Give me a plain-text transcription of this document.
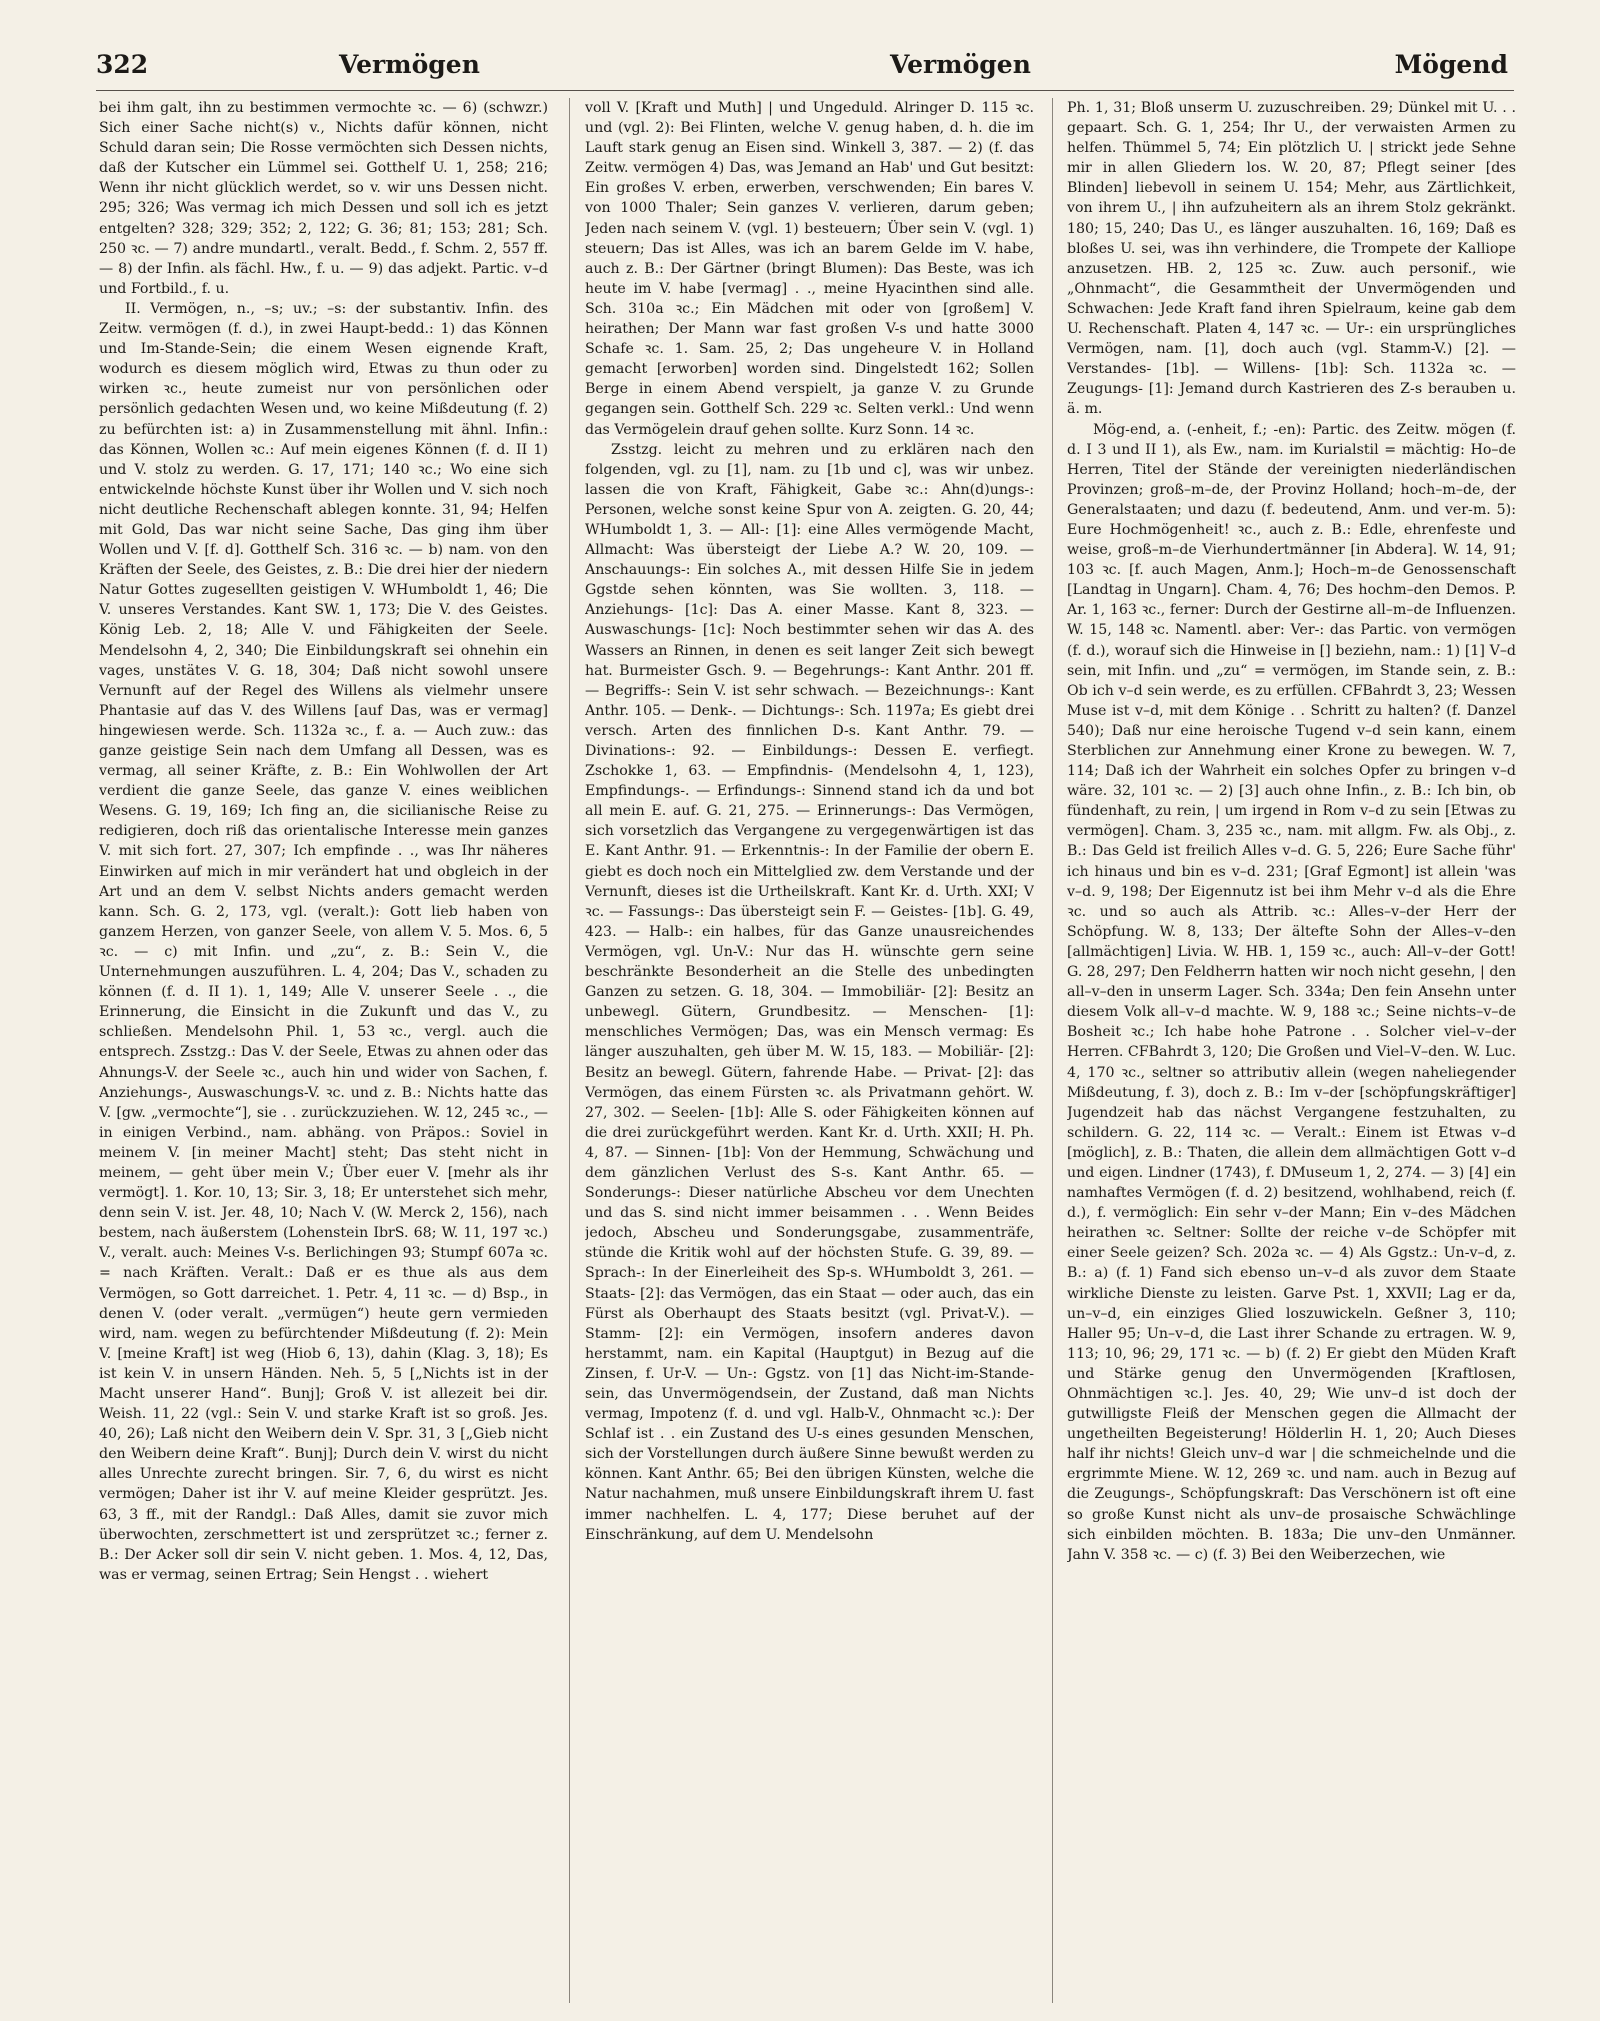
322	Vermögen	Vermögen	Mögend

bei ihm galt, ihn zu bestimmen vermochte ꝛc. — 6) (schwzr.) Sich einer Sache nicht(s) v., Nichts dafür können, nicht Schuld daran sein; Die Rosse vermöchten sich Dessen nichts, daß der Kutscher ein Lümmel sei. Gotthelf U. 1, 258; 216; Wenn ihr nicht glücklich werdet, so v. wir uns Dessen nicht. 295; 326; Was vermag ich mich Dessen und soll ich es jetzt entgelten? 328; 329; 352; 2, 122; G. 36; 81; 153; 281; Sch. 250 ꝛc. — 7) andre mundartl., veralt. Bedd., f. Schm. 2, 557 ff. — 8) der Infin. als fächl. Hw., f. u. — 9) das adjekt. Partic. v–d und Fortbild., f. u.

II. Vermögen, n., –s; uv.; –s: der substantiv. Infin. des Zeitw. vermögen (f. d.), in zwei Haupt-bedd.: 1) das Können und Im-Stande-Sein; die einem Wesen eignende Kraft, wodurch es diesem möglich wird, Etwas zu thun oder zu wirken ꝛc., heute zumeist nur von persönlichen oder persönlich gedachten Wesen und, wo keine Mißdeutung (f. 2) zu befürchten ist: a) in Zusammenstellung mit ähnl. Infin.: das Können, Wollen ꝛc.: Auf mein eigenes Können (f. d. II 1) und V. stolz zu werden. G. 17, 171; 140 ꝛc.; Wo eine sich entwickelnde höchste Kunst über ihr Wollen und V. sich noch nicht deutliche Rechenschaft ablegen konnte. 31, 94; Helfen mit Gold, Das war nicht seine Sache, Das ging ihm über Wollen und V. [f. d]. Gotthelf Sch. 316 ꝛc. — b) nam. von den Kräften der Seele, des Geistes, z. B.: Die drei hier der niedern Natur Gottes zugesellten geistigen V. WHumboldt 1, 46; Die V. unseres Verstandes. Kant SW. 1, 173; Die V. des Geistes. König Leb. 2, 18; Alle V. und Fähigkeiten der Seele. Mendelsohn 4, 2, 340; Die Einbildungskraft sei ohnehin ein vages, unstätes V. G. 18, 304; Daß nicht sowohl unsere Vernunft auf der Regel des Willens als vielmehr unsere Phantasie auf das V. des Willens [auf Das, was er vermag] hingewiesen werde. Sch. 1132a ꝛc., f. a. — Auch zuw.: das ganze geistige Sein nach dem Umfang all Dessen, was es vermag, all seiner Kräfte, z. B.: Ein Wohlwollen der Art verdient die ganze Seele, das ganze V. eines weiblichen Wesens. G. 19, 169; Ich fing an, die sicilianische Reise zu redigieren, doch riß das orientalische Interesse mein ganzes V. mit sich fort. 27, 307; Ich empfinde . ., was Ihr näheres Einwirken auf mich in mir verändert hat und obgleich in der Art und an dem V. selbst Nichts anders gemacht werden kann. Sch. G. 2, 173, vgl. (veralt.): Gott lieb haben von ganzem Herzen, von ganzer Seele, von allem V. 5. Mos. 6, 5 ꝛc. — c) mit Infin. und „zu“, z. B.: Sein V., die Unternehmungen auszuführen. L. 4, 204; Das V., schaden zu können (f. d. II 1). 1, 149; Alle V. unserer Seele . ., die Erinnerung, die Einsicht in die Zukunft und das V., zu schließen. Mendelsohn Phil. 1, 53 ꝛc., vergl. auch die entsprech. Zsstzg.: Das V. der Seele, Etwas zu ahnen oder das Ahnungs-V. der Seele ꝛc., auch hin und wider von Sachen, f. Anziehungs-, Auswaschungs-V. ꝛc. und z. B.: Nichts hatte das V. [gw. „vermochte“], sie . . zurückzuziehen. W. 12, 245 ꝛc., — in einigen Verbind., nam. abhäng. von Präpos.: Soviel in meinem V. [in meiner Macht] steht; Das steht nicht in meinem, — geht über mein V.; Über euer V. [mehr als ihr vermögt]. 1. Kor. 10, 13; Sir. 3, 18; Er unterstehet sich mehr, denn sein V. ist. Jer. 48, 10; Nach V. (W. Merck 2, 156), nach bestem, nach äußerstem (Lohenstein IbrS. 68; W. 11, 197 ꝛc.) V., veralt. auch: Meines V-s. Berlichingen 93; Stumpf 607a ꝛc. = nach Kräften. Veralt.: Daß er es thue als aus dem Vermögen, so Gott darreichet. 1. Petr. 4, 11 ꝛc. — d) Bsp., in denen V. (oder veralt. „vermügen“) heute gern vermieden wird, nam. wegen zu befürchtender Mißdeutung (f. 2): Mein V. [meine Kraft] ist weg (Hiob 6, 13), dahin (Klag. 3, 18); Es ist kein V. in unsern Händen. Neh. 5, 5 [„Nichts ist in der Macht unserer Hand“. Bunj]; Groß V. ist allezeit bei dir. Weish. 11, 22 (vgl.: Sein V. und starke Kraft ist so groß. Jes. 40, 26); Laß nicht den Weibern dein V. Spr. 31, 3 [„Gieb nicht den Weibern deine Kraft“. Bunj]; Durch dein V. wirst du nicht alles Unrechte zurecht bringen. Sir. 7, 6, du wirst es nicht vermögen; Daher ist ihr V. auf meine Kleider gesprützt. Jes. 63, 3 ff., mit der Randgl.: Daß Alles, damit sie zuvor mich überwochten, zerschmettert ist und zersprützet ꝛc.; ferner z. B.: Der Acker soll dir sein V. nicht geben. 1. Mos. 4, 12, Das, was er vermag, seinen Ertrag; Sein Hengst . . wiehert

voll V. [Kraft und Muth] | und Ungeduld. Alringer D. 115 ꝛc. und (vgl. 2): Bei Flinten, welche V. genug haben, d. h. die im Lauft stark genug an Eisen sind. Winkell 3, 387. — 2) (f. das Zeitw. vermögen 4) Das, was Jemand an Hab' und Gut besitzt: Ein großes V. erben, erwerben, verschwenden; Ein bares V. von 1000 Thaler; Sein ganzes V. verlieren, darum geben; Jeden nach seinem V. (vgl. 1) besteuern; Über sein V. (vgl. 1) steuern; Das ist Alles, was ich an barem Gelde im V. habe, auch z. B.: Der Gärtner (bringt Blumen): Das Beste, was ich heute im V. habe [vermag] . ., meine Hyacinthen sind alle. Sch. 310a ꝛc.; Ein Mädchen mit oder von [großem] V. heirathen; Der Mann war fast großen V-s und hatte 3000 Schafe ꝛc. 1. Sam. 25, 2; Das ungeheure V. in Holland gemacht [erworben] worden sind. Dingelstedt 162; Sollen Berge in einem Abend verspielt, ja ganze V. zu Grunde gegangen sein. Gotthelf Sch. 229 ꝛc. Selten verkl.: Und wenn das Vermögelein drauf gehen sollte. Kurz Sonn. 14 ꝛc.

Zsstzg. leicht zu mehren und zu erklären nach den folgenden, vgl. zu [1], nam. zu [1b und c], was wir unbez. lassen die von Kraft, Fähigkeit, Gabe ꝛc.: Ahn(d)ungs-: Personen, welche sonst keine Spur von A. zeigten. G. 20, 44; WHumboldt 1, 3. — All-: [1]: eine Alles vermögende Macht, Allmacht: Was übersteigt der Liebe A.? W. 20, 109. — Anschauungs-: Ein solches A., mit dessen Hilfe Sie in jedem Ggstde sehen könnten, was Sie wollten. 3, 118. — Anziehungs- [1c]: Das A. einer Masse. Kant 8, 323. — Auswaschungs- [1c]: Noch bestimmter sehen wir das A. des Wassers an Rinnen, in denen es seit langer Zeit sich bewegt hat. Burmeister Gsch. 9. — Begehrungs-: Kant Anthr. 201 ff. — Begriffs-: Sein V. ist sehr schwach. — Bezeichnungs-: Kant Anthr. 105. — Denk-. — Dichtungs-: Sch. 1197a; Es giebt drei versch. Arten des finnlichen D-s. Kant Anthr. 79. — Divinations-: 92. — Einbildungs-: Dessen E. verfiegt. Zschokke 1, 63. — Empfindnis- (Mendelsohn 4, 1, 123), Empfindungs-. — Erfindungs-: Sinnend stand ich da und bot all mein E. auf. G. 21, 275. — Erinnerungs-: Das Vermögen, sich vorsetzlich das Vergangene zu vergegenwärtigen ist das E. Kant Anthr. 91. — Erkenntnis-: In der Familie der obern E. giebt es doch noch ein Mittelglied zw. dem Verstande und der Vernunft, dieses ist die Urtheilskraft. Kant Kr. d. Urth. XXI; V ꝛc. — Fassungs-: Das übersteigt sein F. — Geistes- [1b]. G. 49, 423. — Halb-: ein halbes, für das Ganze unausreichendes Vermögen, vgl. Un-V.: Nur das H. wünschte gern seine beschränkte Besonderheit an die Stelle des unbedingten Ganzen zu setzen. G. 18, 304. — Immobiliär- [2]: Besitz an unbewegl. Gütern, Grundbesitz. — Menschen- [1]: menschliches Vermögen; Das, was ein Mensch vermag: Es länger auszuhalten, geh über M. W. 15, 183. — Mobiliär- [2]: Besitz an bewegl. Gütern, fahrende Habe. — Privat- [2]: das Vermögen, das einem Fürsten ꝛc. als Privatmann gehört. W. 27, 302. — Seelen- [1b]: Alle S. oder Fähigkeiten können auf die drei zurückgeführt werden. Kant Kr. d. Urth. XXII; H. Ph. 4, 87. — Sinnen- [1b]: Von der Hemmung, Schwächung und dem gänzlichen Verlust des S-s. Kant Anthr. 65. — Sonderungs-: Dieser natürliche Abscheu vor dem Unechten und das S. sind nicht immer beisammen . . . Wenn Beides jedoch, Abscheu und Sonderungsgabe, zusammenträfe, stünde die Kritik wohl auf der höchsten Stufe. G. 39, 89. — Sprach-: In der Einerleiheit des Sp-s. WHumboldt 3, 261. — Staats- [2]: das Vermögen, das ein Staat — oder auch, das ein Fürst als Oberhaupt des Staats besitzt (vgl. Privat-V.). — Stamm- [2]: ein Vermögen, insofern anderes davon herstammt, nam. ein Kapital (Hauptgut) in Bezug auf die Zinsen, f. Ur-V. — Un-: Ggstz. von [1] das Nicht-im-Stande-sein, das Unvermögendsein, der Zustand, daß man Nichts vermag, Impotenz (f. d. und vgl. Halb-V., Ohnmacht ꝛc.): Der Schlaf ist . . ein Zustand des U-s eines gesunden Menschen, sich der Vorstellungen durch äußere Sinne bewußt werden zu können. Kant Anthr. 65; Bei den übrigen Künsten, welche die Natur nachahmen, muß unsere Einbildungskraft ihrem U. fast immer nachhelfen. L. 4, 177; Diese beruhet auf der Einschränkung, auf dem U. Mendelsohn

Ph. 1, 31; Bloß unserm U. zuzuschreiben. 29; Dünkel mit U. . . gepaart. Sch. G. 1, 254; Ihr U., der verwaisten Armen zu helfen. Thümmel 5, 74; Ein plötzlich U. | strickt jede Sehne mir in allen Gliedern los. W. 20, 87; Pflegt seiner [des Blinden] liebevoll in seinem U. 154; Mehr, aus Zärtlichkeit, von ihrem U., | ihn aufzuheitern als an ihrem Stolz gekränkt. 180; 15, 240; Das U., es länger auszuhalten. 16, 169; Daß es bloßes U. sei, was ihn verhindere, die Trompete der Kalliope anzusetzen. HB. 2, 125 ꝛc. Zuw. auch personif., wie „Ohnmacht“, die Gesammtheit der Unvermögenden und Schwachen: Jede Kraft fand ihren Spielraum, keine gab dem U. Rechenschaft. Platen 4, 147 ꝛc. — Ur-: ein ursprüngliches Vermögen, nam. [1], doch auch (vgl. Stamm-V.) [2]. — Verstandes- [1b]. — Willens- [1b]: Sch. 1132a ꝛc. — Zeugungs- [1]: Jemand durch Kastrieren des Z-s berauben u. ä. m.

Mög-end, a. (-enheit, f.; -en): Partic. des Zeitw. mögen (f. d. I 3 und II 1), als Ew., nam. im Kurialstil = mächtig: Ho–de Herren, Titel der Stände der vereinigten niederländischen Provinzen; groß–m–de, der Provinz Holland; hoch–m–de, der Generalstaaten; und dazu (f. bedeutend, Anm. und ver-m. 5): Eure Hochmögenheit! ꝛc., auch z. B.: Edle, ehrenfeste und weise, groß–m–de Vierhundertmänner [in Abdera]. W. 14, 91; 103 ꝛc. [f. auch Magen, Anm.]; Hoch–m–de Genossenschaft [Landtag in Ungarn]. Cham. 4, 76; Des hochm–den Demos. P. Ar. 1, 163 ꝛc., ferner: Durch der Gestirne all–m–de Influenzen. W. 15, 148 ꝛc. Namentl. aber: Ver-: das Partic. von vermögen (f. d.), worauf sich die Hinweise in [] beziehn, nam.: 1) [1] V–d sein, mit Infin. und „zu“ = vermögen, im Stande sein, z. B.: Ob ich v–d sein werde, es zu erfüllen. CFBahrdt 3, 23; Wessen Muse ist v–d, mit dem Könige . . Schritt zu halten? (f. Danzel 540); Daß nur eine heroische Tugend v–d sein kann, einem Sterblichen zur Annehmung einer Krone zu bewegen. W. 7, 114; Daß ich der Wahrheit ein solches Opfer zu bringen v–d wäre. 32, 101 ꝛc. — 2) [3] auch ohne Infin., z. B.: Ich bin, ob fündenhaft, zu rein, | um irgend in Rom v–d zu sein [Etwas zu vermögen]. Cham. 3, 235 ꝛc., nam. mit allgm. Fw. als Obj., z. B.: Das Geld ist freilich Alles v–d. G. 5, 226; Eure Sache führ' ich hinaus und bin es v–d. 231; [Graf Egmont] ist allein 'was v–d. 9, 198; Der Eigennutz ist bei ihm Mehr v–d als die Ehre ꝛc. und so auch als Attrib. ꝛc.: Alles–v–der Herr der Schöpfung. W. 8, 133; Der ältefte Sohn der Alles–v–den [allmächtigen] Livia. W. HB. 1, 159 ꝛc., auch: All–v–der Gott! G. 28, 297; Den Feldherrn hatten wir noch nicht gesehn, | den all–v–den in unserm Lager. Sch. 334a; Den fein Ansehn unter diesem Volk all–v–d machte. W. 9, 188 ꝛc.; Seine nichts–v–de Bosheit ꝛc.; Ich habe hohe Patrone . . Solcher viel–v–der Herren. CFBahrdt 3, 120; Die Großen und Viel–V–den. W. Luc. 4, 170 ꝛc., seltner so attributiv allein (wegen naheliegender Mißdeutung, f. 3), doch z. B.: Im v–der [schöpfungskräftiger] Jugendzeit hab das nächst Vergangene festzuhalten, zu schildern. G. 22, 114 ꝛc. — Veralt.: Einem ist Etwas v–d [möglich], z. B.: Thaten, die allein dem allmächtigen Gott v–d und eigen. Lindner (1743), f. DMuseum 1, 2, 274. — 3) [4] ein namhaftes Vermögen (f. d. 2) besitzend, wohlhabend, reich (f. d.), f. vermöglich: Ein sehr v–der Mann; Ein v–des Mädchen heirathen ꝛc. Seltner: Sollte der reiche v–de Schöpfer mit einer Seele geizen? Sch. 202a ꝛc. — 4) Als Ggstz.: Un-v–d, z. B.: a) (f. 1) Fand sich ebenso un–v–d als zuvor dem Staate wirkliche Dienste zu leisten. Garve Pst. 1, XXVII; Lag er da, un–v–d, ein einziges Glied loszuwickeln. Geßner 3, 110; Haller 95; Un–v–d, die Last ihrer Schande zu ertragen. W. 9, 113; 10, 96; 29, 171 ꝛc. — b) (f. 2) Er giebt den Müden Kraft und Stärke genug den Unvermögenden [Kraftlosen, Ohnmächtigen ꝛc.]. Jes. 40, 29; Wie unv–d ist doch der gutwilligste Fleiß der Menschen gegen die Allmacht der ungetheilten Begeisterung! Hölderlin H. 1, 20; Auch Dieses half ihr nichts! Gleich unv–d war | die schmeichelnde und die ergrimmte Miene. W. 12, 269 ꝛc. und nam. auch in Bezug auf die Zeugungs-, Schöpfungskraft: Das Verschönern ist oft eine so große Kunst nicht als unv–de prosaische Schwächlinge sich einbilden möchten. B. 183a; Die unv–den Unmänner. Jahn V. 358 ꝛc. — c) (f. 3) Bei den Weiberzechen, wie
